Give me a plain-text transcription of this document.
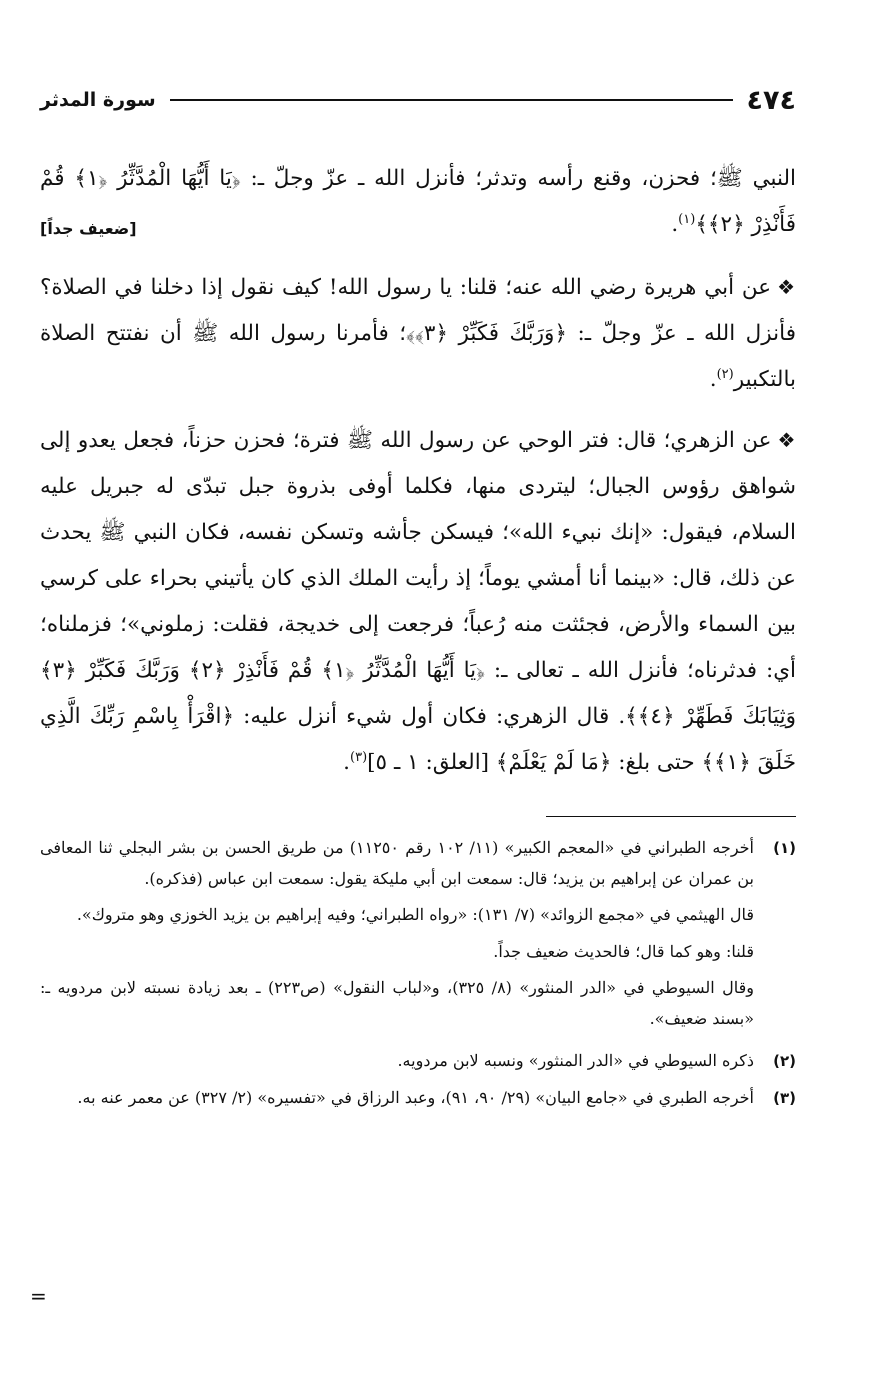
٤٧٤
سورة المدثر

النبي ﷺ؛ فحزن، وقنع رأسه وتدثر؛ فأنزل الله ـ عزّ وجلّ ـ: ﴿يَا أَيُّهَا الْمُدَّثِّرُ ﴿١﴾ قُمْ فَأَنْذِرْ ﴿٢﴾﴾$^{(١)}$.
[ضعيف جداً]

❖عن أبي هريرة رضي الله عنه؛ قلنا: يا رسول الله! كيف نقول إذا دخلنا في الصلاة؟ فأنزل الله ـ عزّ وجلّ ـ: ﴿وَرَبَّكَ فَكَبِّرْ ﴿٣﴾﴾؛ فأمرنا رسول الله ﷺ أن نفتتح الصلاة بالتكبير$^{(٢)}$.

❖عن الزهري؛ قال: فتر الوحي عن رسول الله ﷺ فترة؛ فحزن حزناً، فجعل يعدو إلى شواهق رؤوس الجبال؛ ليتردى منها، فكلما أوفى بذروة جبل تبدّى له جبريل عليه السلام، فيقول: «إنك نبيء الله»؛ فيسكن جأشه وتسكن نفسه، فكان النبي ﷺ يحدث عن ذلك، قال: «بينما أنا أمشي يوماً؛ إذ رأيت الملك الذي كان يأتيني بحراء على كرسي بين السماء والأرض، فجئثت منه رُعباً؛ فرجعت إلى خديجة، فقلت: زملوني»؛ فزملناه؛ أي: فدثرناه؛ فأنزل الله ـ تعالى ـ: ﴿يَا أَيُّهَا الْمُدَّثِّرُ ﴿١﴾ قُمْ فَأَنْذِرْ ﴿٢﴾ وَرَبَّكَ فَكَبِّرْ ﴿٣﴾ وَثِيَابَكَ فَطَهِّرْ ﴿٤﴾﴾. قال الزهري: فكان أول شيء أنزل عليه: ﴿اقْرَأْ بِاسْمِ رَبِّكَ الَّذِي خَلَقَ ﴿١﴾﴾ حتى بلغ: ﴿مَا لَمْ يَعْلَمْ﴾ [العلق: ١ ـ ٥]$^{(٣)}$.

(١)

أخرجه الطبراني في «المعجم الكبير» (١١/ ١٠٢ رقم ١١٢٥٠) من طريق الحسن بن بشر البجلي ثنا المعافى بن عمران عن إبراهيم بن يزيد؛ قال: سمعت ابن أبي مليكة يقول: سمعت ابن عباس (فذكره).

قال الهيثمي في «مجمع الزوائد» (٧/ ١٣١): «رواه الطبراني؛ وفيه إبراهيم بن يزيد الخوزي وهو متروك».

قلنا: وهو كما قال؛ فالحديث ضعيف جداً.

وقال السيوطي في «الدر المنثور» (٨/ ٣٢٥)، و«لباب النقول» (ص٢٢٣) ـ بعد زيادة نسبته لابن مردويه ـ: «بسند ضعيف».

(٢)
ذكره السيوطي في «الدر المنثور» ونسبه لابن مردويه.
(٣)
أخرجه الطبري في «جامع البيان» (٢٩/ ٩٠، ٩١)، وعبد الرزاق في «تفسيره» (٢/ ٣٢٧) عن معمر عنه به.
=
